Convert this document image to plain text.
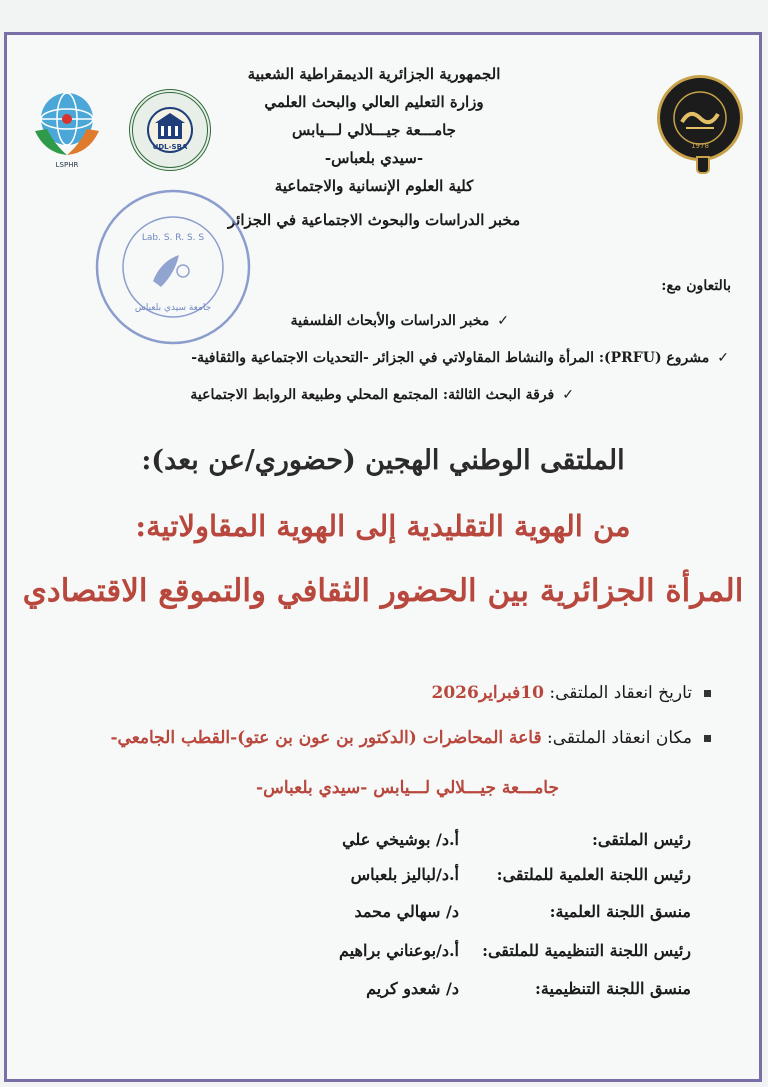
LSPHR
UDL-SBA	1978
الجمهورية الجزائرية الديمقراطية الشعبية
وزارة التعليم العالي والبحث العلمي
جامـــعة جيـــلالي لـــيابس
-سيدي بلعباس-
كلية العلوم الإنسانية والاجتماعية
مخبر الدراسات والبحوث الاجتماعية في الجزائر
Lab. S. R. S. S
جامعة سيدي بلعباس
بالتعاون مع:
✓مخبر الدراسات والأبحاث الفلسفية
✓مشروع (PRFU): المرأة والنشاط المقاولاتي في الجزائر -التحديات الاجتماعية والثقافية-
✓فرقة البحث الثالثة: المجتمع المحلي وطبيعة الروابط الاجتماعية
الملتقى الوطني الهجين (حضوري/عن بعد):
من الهوية التقليدية إلى الهوية المقاولاتية:
المرأة الجزائرية بين الحضور الثقافي والتموقع الاقتصادي
تاريخ انعقاد الملتقى: 10فبراير2026
مكان انعقاد الملتقى: قاعة المحاضرات (الدكتور بن عون بن عتو)-القطب الجامعي-
جامـــعة جيـــلالي لـــيابس -سيدي بلعباس-
رئيس الملتقى:
أ.د/ بوشيخي علي
رئيس اللجنة العلمية للملتقى:
أ.د/لباليز بلعباس
منسق اللجنة العلمية:
د/ سهالي محمد
رئيس اللجنة التنظيمية للملتقى:
أ.د/بوعناني براهيم
منسق اللجنة التنظيمية:
د/ شعدو كريم
